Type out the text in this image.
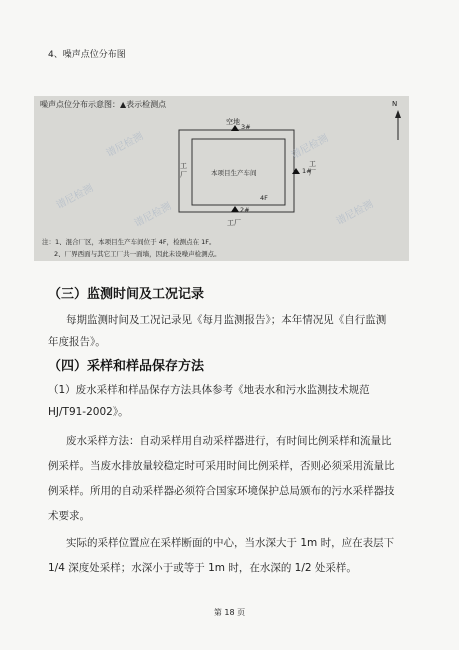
4、噪声点位分布图
噪声点位分布示意图：▲表示检测点
空地
3#
1#
2#
本项目生产车间
工厂
工厂
工厂
4F
N
谱尼检测	谱尼检测
谱尼检测
谱尼检测	谱尼检测
注：1、混合厂区，本项目生产车间位于 4F，检测点在 1F。
2、厂界西面与其它工厂共一面墙，因此未设噪声检测点。
（三）监测时间及工况记录
每期监测时间及工况记录见《每月监测报告》；本年情况见《自行监测
年度报告》。
（四）采样和样品保存方法
（1）废水采样和样品保存方法具体参考《地表水和污水监测技术规范
HJ/T91-2002》。
废水采样方法：自动采样用自动采样器进行，有时间比例采样和流量比
例采样。当废水排放量较稳定时可采用时间比例采样，否则必须采用流量比
例采样。所用的自动采样器必须符合国家环境保护总局颁布的污水采样器技
术要求。
实际的采样位置应在采样断面的中心，当水深大于 1m 时，应在表层下
1/4 深度处采样；水深小于或等于 1m 时，在水深的 1/2 处采样。
第 18 页
